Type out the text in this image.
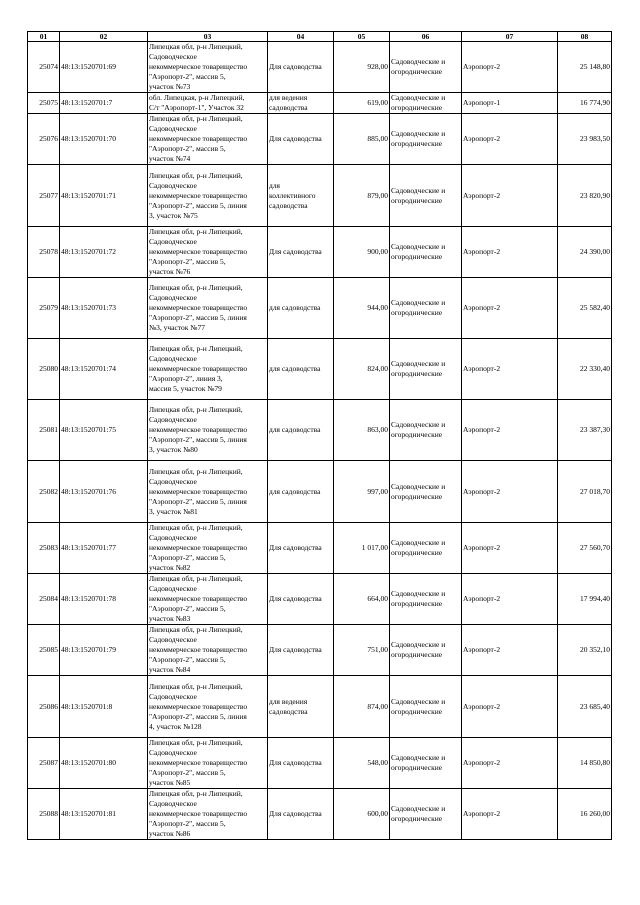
01	02	03	04	05	06	07	08
25074	48:13:1520701:69	Липецкая обл, р-н Липецкий,
Садоводческое
некоммерческое товарищество
"Аэропорт-2", массив 5,
участок №73	Для садоводства	928,00	Садоводческие и
огороднические	Аэропорт-2	25 148,80
25075	48:13:1520701:7	обл. Липецкая, р-н Липецкий,
С/т "Аэропорт-1", Участок 32	для ведения
садоводства	619,00	Садоводческие и
огороднические	Аэропорт-1	16 774,90
25076	48:13:1520701:70	Липецкая обл, р-н Липецкий,
Садоводческое
некоммерческое товарищество
"Аэропорт-2", массив 5,
участок №74	Для садоводства	885,00	Садоводческие и
огороднические	Аэропорт-2	23 983,50
25077	48:13:1520701:71	Липецкая обл, р-н Липецкий,
Садоводческое
некоммерческое товарищество
"Аэропорт-2", массив 5, линия
3, участок №75	для
коллективного
садоводства	879,00	Садоводческие и
огороднические	Аэропорт-2	23 820,90
25078	48:13:1520701:72	Липецкая обл, р-н Липецкий,
Садоводческое
некоммерческое товарищество
"Аэропорт-2", массив 5,
участок №76	Для садоводства	900,00	Садоводческие и
огороднические	Аэропорт-2	24 390,00
25079	48:13:1520701:73	Липецкая обл, р-н Липецкий,
Садоводческое
некоммерческое товарищество
"Аэропорт-2", массив 5, линия
№3, участок №77	для садоводства	944,00	Садоводческие и
огороднические	Аэропорт-2	25 582,40
25080	48:13:1520701:74	Липецкая обл, р-н Липецкий,
Садоводческое
некоммерческое товарищество
"Аэропорт-2", линия 3,
массив 5, участок №79	для садоводства	824,00	Садоводческие и
огороднические	Аэропорт-2	22 330,40
25081	48:13:1520701:75	Липецкая обл, р-н Липецкий,
Садоводческое
некоммерческое товарищество
"Аэропорт-2", массив 5, линия
3, участок №80	для садоводства	863,00	Садоводческие и
огороднические	Аэропорт-2	23 387,30
25082	48:13:1520701:76	Липецкая обл, р-н Липецкий,
Садоводческое
некоммерческое товарищество
"Аэропорт-2", массив 5, линия
3, участок №81	для садоводства	997,00	Садоводческие и
огороднические	Аэропорт-2	27 018,70
25083	48:13:1520701:77	Липецкая обл, р-н Липецкий,
Садоводческое
некоммерческое товарищество
"Аэропорт-2", массив 5,
участок №82	Для садоводства	1 017,00	Садоводческие и
огороднические	Аэропорт-2	27 560,70
25084	48:13:1520701:78	Липецкая обл, р-н Липецкий,
Садоводческое
некоммерческое товарищество
"Аэропорт-2", массив 5,
участок №83	Для садоводства	664,00	Садоводческие и
огороднические	Аэропорт-2	17 994,40
25085	48:13:1520701:79	Липецкая обл, р-н Липецкий,
Садоводческое
некоммерческое товарищество
"Аэропорт-2", массив 5,
участок №84	Для садоводства	751,00	Садоводческие и
огороднические	Аэропорт-2	20 352,10
25086	48:13:1520701:8	Липецкая обл, р-н Липецкий,
Садоводческое
некоммерческое товарищество
"Аэропорт-2", массив 5, линия
4, участок №128	для ведения
садоводства	874,00	Садоводческие и
огороднические	Аэропорт-2	23 685,40
25087	48:13:1520701:80	Липецкая обл, р-н Липецкий,
Садоводческое
некоммерческое товарищество
"Аэропорт-2", массив 5,
участок №85	Для садоводства	548,00	Садоводческие и
огороднические	Аэропорт-2	14 850,80
25088	48:13:1520701:81	Липецкая обл, р-н Липецкий,
Садоводческое
некоммерческое товарищество
"Аэропорт-2", массив 5,
участок №86	Для садоводства	600,00	Садоводческие и
огороднические	Аэропорт-2	16 260,00
